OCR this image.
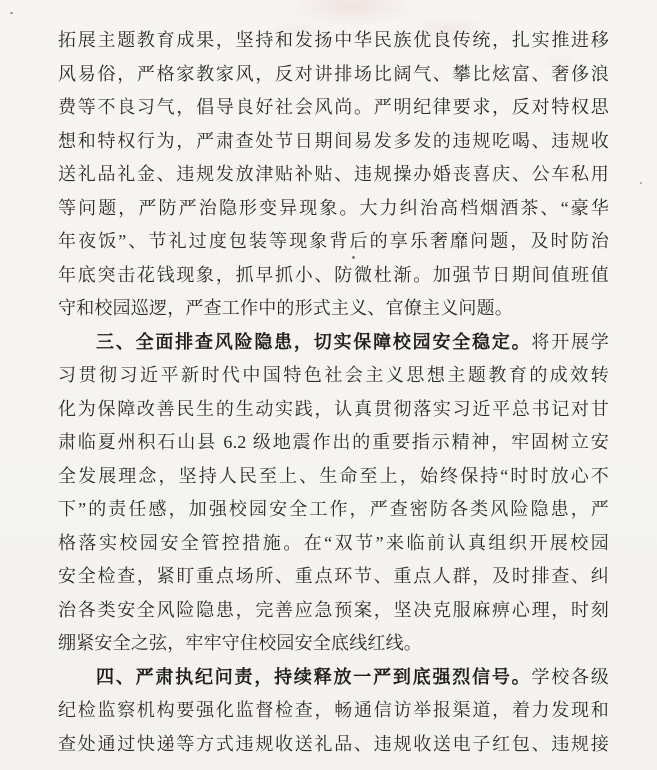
拓展主题教育成果，坚持和发扬中华民族优良传统，扎实推进移

风易俗，严格家教家风，反对讲排场比阔气、攀比炫富、奢侈浪

费等不良习气，倡导良好社会风尚。严明纪律要求，反对特权思

想和特权行为，严肃查处节日期间易发多发的违规吃喝、违规收

送礼品礼金、违规发放津贴补贴、违规操办婚丧喜庆、公车私用

等问题，严防严治隐形变异现象。大力纠治高档烟酒茶、“豪华

年夜饭”、节礼过度包装等现象背后的享乐奢靡问题，及时防治

年底突击花钱现象，抓早抓小、防微杜渐。加强节日期间值班值

守和校园巡逻，严查工作中的形式主义、官僚主义问题。

三、全面排查风险隐患，切实保障校园安全稳定。将开展学

习贯彻习近平新时代中国特色社会主义思想主题教育的成效转

化为保障改善民生的生动实践，认真贯彻落实习近平总书记对甘

肃临夏州积石山县 6.2 级地震作出的重要指示精神，牢固树立安

全发展理念，坚持人民至上、生命至上，始终保持“时时放心不

下”的责任感，加强校园安全工作，严查密防各类风险隐患，严

格落实校园安全管控措施。在“双节”来临前认真组织开展校园

安全检查，紧盯重点场所、重点环节、重点人群，及时排查、纠

治各类安全风险隐患，完善应急预案，坚决克服麻痹心理，时刻

绷紧安全之弦，牢牢守住校园安全底线红线。

四、严肃执纪问责，持续释放一严到底强烈信号。学校各级

纪检监察机构要强化监督检查，畅通信访举报渠道，着力发现和

查处通过快递等方式违规收送礼品、违规收送电子红包、违规接
